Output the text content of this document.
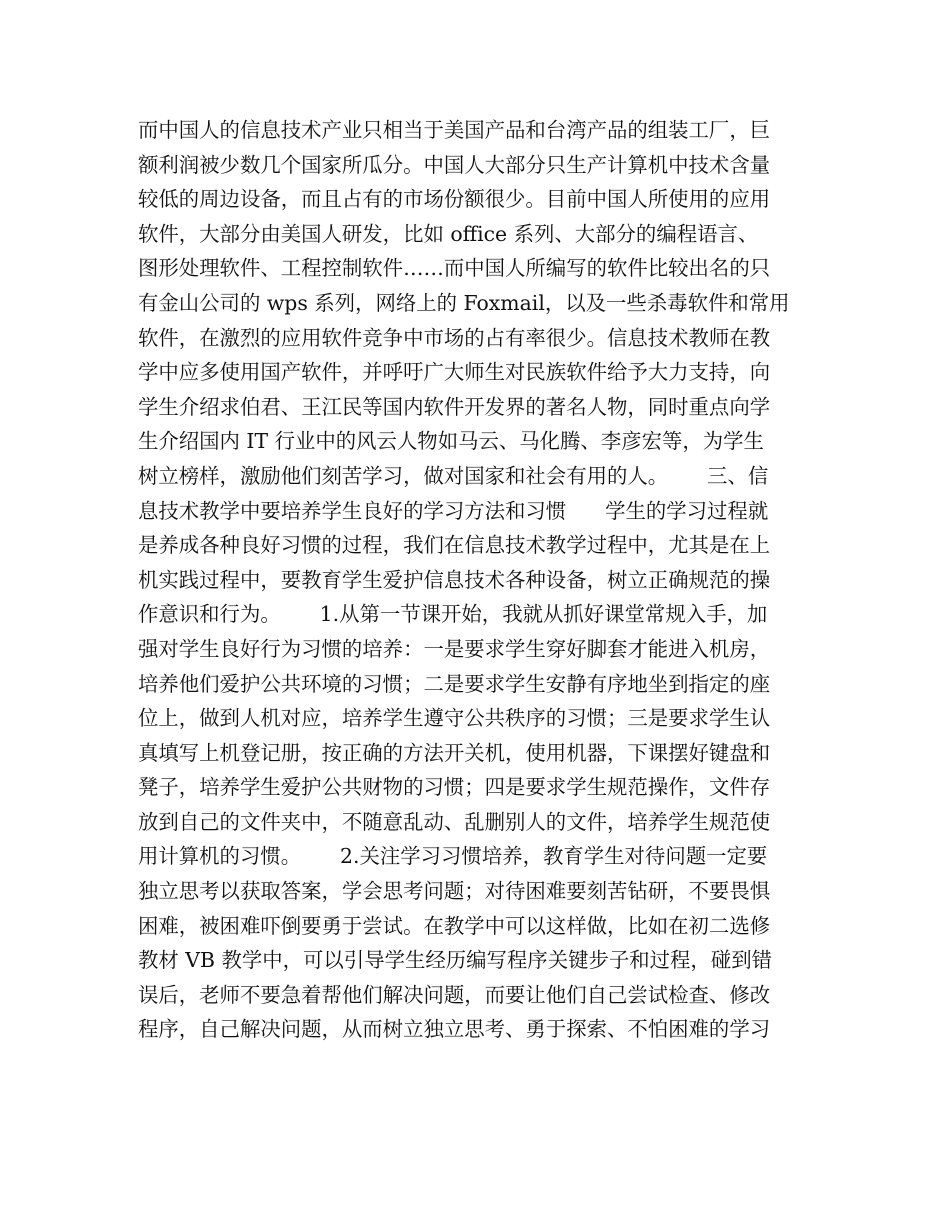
而中国人的信息技术产业只相当于美国产品和台湾产品的组装工厂，巨
额利润被少数几个国家所瓜分。中国人大部分只生产计算机中技术含量
较低的周边设备，而且占有的市场份额很少。目前中国人所使用的应用
软件，大部分由美国人研发，比如 office 系列、大部分的编程语言、
图形处理软件、工程控制软件……而中国人所编写的软件比较出名的只
有金山公司的 wps 系列，网络上的 Foxmail，以及一些杀毒软件和常用
软件，在激烈的应用软件竞争中市场的占有率很少。信息技术教师在教
学中应多使用国产软件，并呼吁广大师生对民族软件给予大力支持，向
学生介绍求伯君、王江民等国内软件开发界的著名人物，同时重点向学
生介绍国内 IT 行业中的风云人物如马云、马化腾、李彦宏等，为学生
树立榜样，激励他们刻苦学习，做对国家和社会有用的人。      三、信
息技术教学中要培养学生良好的学习方法和习惯      学生的学习过程就
是养成各种良好习惯的过程，我们在信息技术教学过程中，尤其是在上
机实践过程中，要教育学生爱护信息技术各种设备，树立正确规范的操
作意识和行为。      1.从第一节课开始，我就从抓好课堂常规入手，加
强对学生良好行为习惯的培养：一是要求学生穿好脚套才能进入机房，
培养他们爱护公共环境的习惯；二是要求学生安静有序地坐到指定的座
位上，做到人机对应，培养学生遵守公共秩序的习惯；三是要求学生认
真填写上机登记册，按正确的方法开关机，使用机器，下课摆好键盘和
凳子，培养学生爱护公共财物的习惯；四是要求学生规范操作，文件存
放到自己的文件夹中，不随意乱动、乱删别人的文件，培养学生规范使
用计算机的习惯。      2.关注学习习惯培养，教育学生对待问题一定要
独立思考以获取答案，学会思考问题；对待困难要刻苦钻研，不要畏惧
困难，被困难吓倒要勇于尝试。在教学中可以这样做，比如在初二选修
教材 VB 教学中，可以引导学生经历编写程序关键步子和过程，碰到错
误后，老师不要急着帮他们解决问题，而要让他们自己尝试检查、修改
程序，自己解决问题，从而树立独立思考、勇于探索、不怕困难的学习
